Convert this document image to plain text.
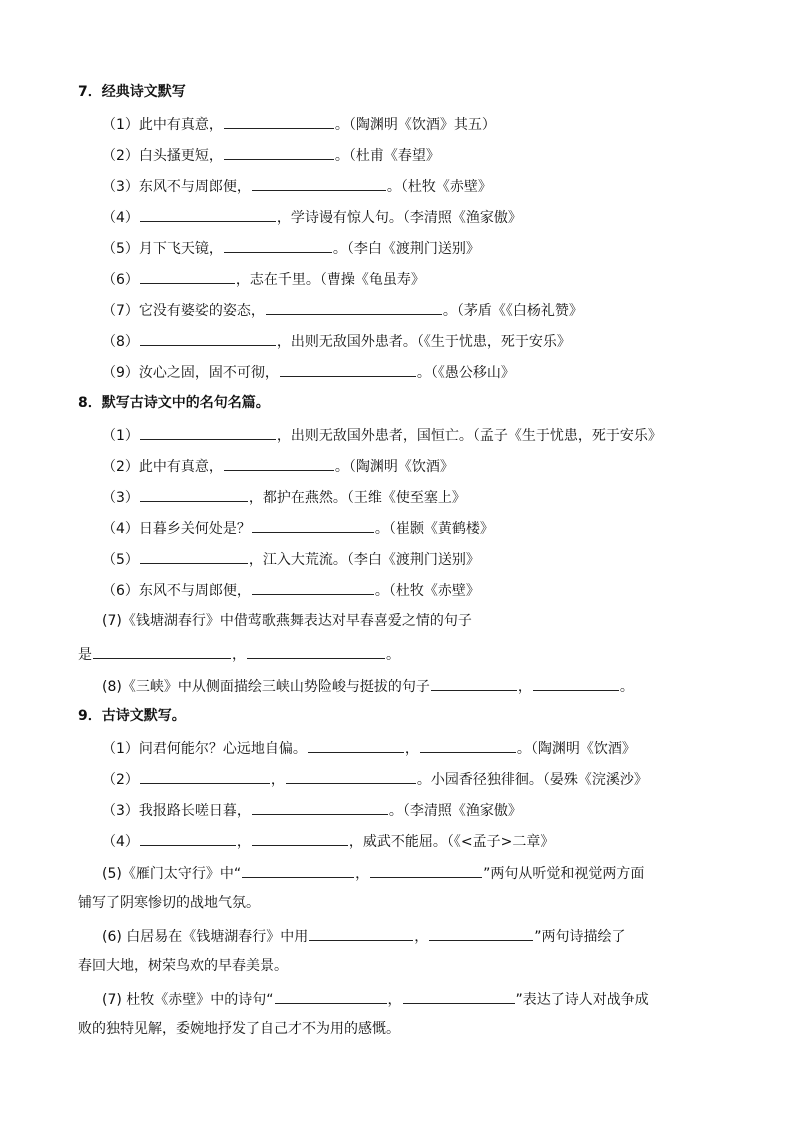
7．经典诗文默写
（1）此中有真意，	。（陶渊明《饮酒》其五）
（2）白头搔更短，	。（杜甫《春望》
（3）东风不与周郎便，	。（杜牧《赤壁》
（4）	，学诗谩有惊人句。（李清照《渔家傲》
（5）月下飞天镜，	。（李白《渡荆门送别》
（6）	，志在千里。（曹操《龟虽寿》
（7）它没有婆娑的姿态，	。（茅盾《《白杨礼赞》
（8）	，出则无敌国外患者。（《生于忧患，死于安乐》
（9）汝心之固，固不可彻，	。（《愚公移山》
8．默写古诗文中的名句名篇。
（1）	，出则无敌国外患者，国恒亡。（孟子《生于忧患，死于安乐》
（2）此中有真意，	。（陶渊明《饮酒》
（3）	，都护在燕然。（王维《使至塞上》
（4）日暮乡关何处是？	。（崔颢《黄鹤楼》
（5）	，江入大荒流。（李白《渡荆门送别》
（6）东风不与周郎便，	。（杜牧《赤壁》
(7)《钱塘湖春行》中借莺歌燕舞表达对早春喜爱之情的句子
是	，	。
(8)《三峡》中从侧面描绘三峡山势险峻与挺拔的句子	，	。
9．古诗文默写。
（1）问君何能尔？心远地自偏。	，	。（陶渊明《饮酒》
（2）	，	。小园香径独徘徊。（晏殊《浣溪沙》
（3）我报路长嗟日暮，	。（李清照《渔家傲》
（4）	，	，威武不能屈。（《<孟子>二章》
(5)《雁门太守行》中“	，	”两句从听觉和视觉两方面
铺写了阴寒惨切的战地气氛。
(6) 白居易在《钱塘湖春行》中用	，	”两句诗描绘了
春回大地，树荣鸟欢的早春美景。
(7) 杜牧《赤壁》中的诗句“	，	”表达了诗人对战争成
败的独特见解，委婉地抒发了自己才不为用的感慨。
